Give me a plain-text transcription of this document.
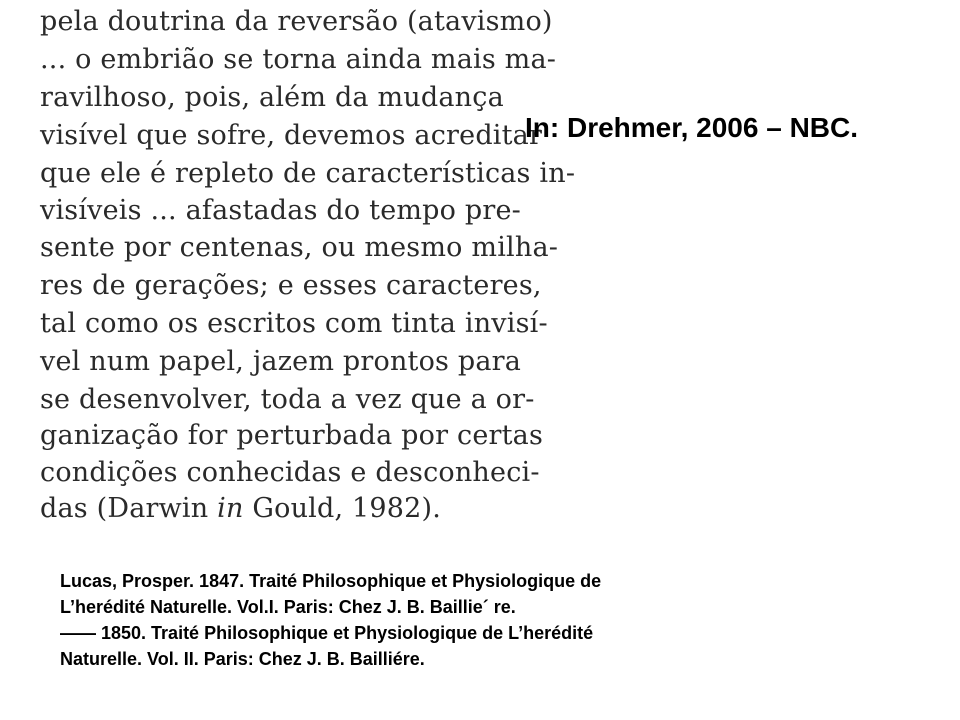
pela doutrina da reversão (atavismo)
... o embrião se torna ainda mais ma-
ravilhoso, pois, além da mudança
visível que sofre, devemos acreditar
que ele é repleto de características in-
visíveis ... afastadas do tempo pre-
sente por centenas, ou mesmo milha-
res de gerações; e esses caracteres,
tal como os escritos com tinta invisí-
vel num papel, jazem prontos para
se desenvolver, toda a vez que a or-
ganização for perturbada por certas
condições conhecidas e desconheci-
das (Darwin in Gould, 1982).
In: Drehmer, 2006 – NBC.
Lucas, Prosper. 1847. Traité Philosophique et Physiologique de
L’herédité Naturelle. Vol.I. Paris: Chez J. B. Baillie´ re.
—— 1850. Traité Philosophique et Physiologique de L’herédité
Naturelle. Vol. II. Paris: Chez J. B. Bailliére.
